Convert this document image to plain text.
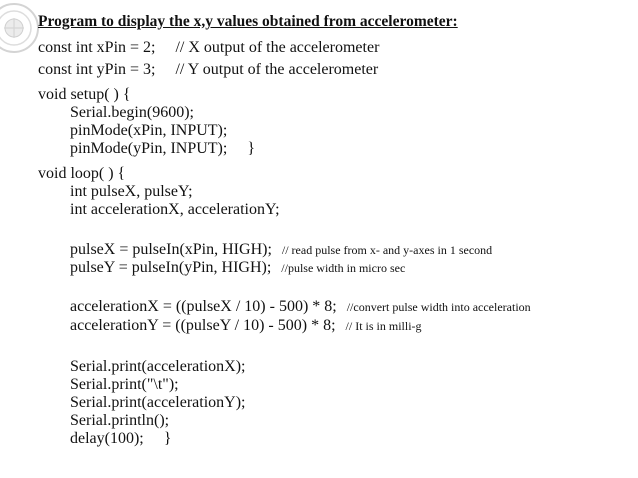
Program to display the x,y values obtained from accelerometer:
const int xPin = 2; // X output of the accelerometer
const int yPin = 3; // Y output of the accelerometer
void setup( ) {
Serial.begin(9600);
pinMode(xPin, INPUT);
pinMode(yPin, INPUT); }
void loop( ) {
int pulseX, pulseY;
int accelerationX, accelerationY;
pulseX = pulseIn(xPin, HIGH); // read pulse from x- and y-axes in 1 second
pulseY = pulseIn(yPin, HIGH); //pulse width in micro sec
accelerationX = ((pulseX / 10) - 500) * 8; //convert pulse width into acceleration
accelerationY = ((pulseY / 10) - 500) * 8; // It is in milli-g
Serial.print(accelerationX);
Serial.print("\t");
Serial.print(accelerationY);
Serial.println();
delay(100); }
